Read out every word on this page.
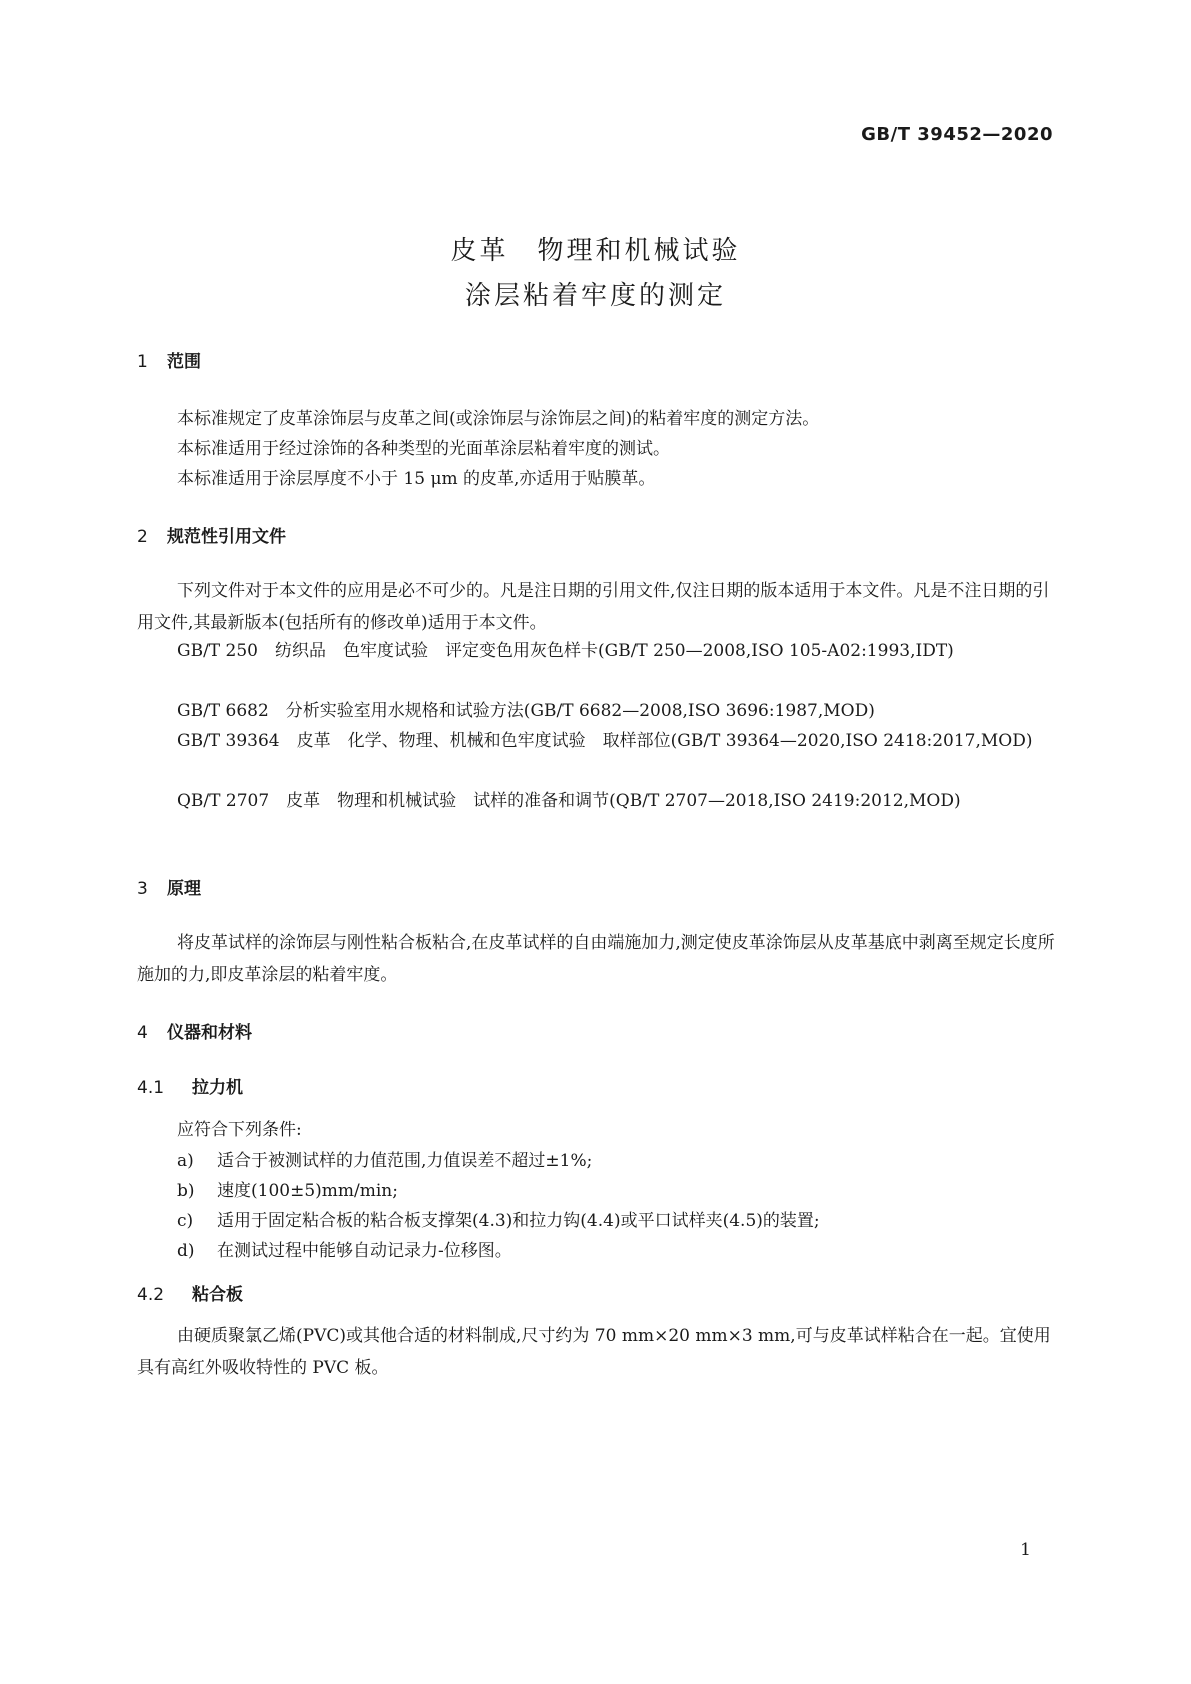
GB/T 39452—2020
皮革　物理和机械试验
涂层粘着牢度的测定
1 范围
本标准规定了皮革涂饰层与皮革之间(或涂饰层与涂饰层之间)的粘着牢度的测定方法。
本标准适用于经过涂饰的各种类型的光面革涂层粘着牢度的测试。
本标准适用于涂层厚度不小于 15 μm 的皮革,亦适用于贴膜革。
2 规范性引用文件
下列文件对于本文件的应用是必不可少的。凡是注日期的引用文件,仅注日期的版本适用于本文件。凡是不注日期的引用文件,其最新版本(包括所有的修改单)适用于本文件。
GB/T 250　纺织品　色牢度试验　评定变色用灰色样卡(GB/T 250—2008,ISO 105-A02:1993,IDT)
GB/T 6682　分析实验室用水规格和试验方法(GB/T 6682—2008,ISO 3696:1987,MOD)
GB/T 39364　皮革　化学、物理、机械和色牢度试验　取样部位(GB/T 39364—2020,ISO 2418:2017,MOD)
QB/T 2707　皮革　物理和机械试验　试样的准备和调节(QB/T 2707—2018,ISO 2419:2012,MOD)
3 原理
将皮革试样的涂饰层与刚性粘合板粘合,在皮革试样的自由端施加力,测定使皮革涂饰层从皮革基底中剥离至规定长度所施加的力,即皮革涂层的粘着牢度。
4 仪器和材料
4.1 拉力机
应符合下列条件:
a) 适合于被测试样的力值范围,力值误差不超过±1%;
b) 速度(100±5)mm/min;
c) 适用于固定粘合板的粘合板支撑架(4.3)和拉力钩(4.4)或平口试样夹(4.5)的装置;
d) 在测试过程中能够自动记录力-位移图。
4.2 粘合板
由硬质聚氯乙烯(PVC)或其他合适的材料制成,尺寸约为 70 mm×20 mm×3 mm,可与皮革试样粘合在一起。宜使用具有高红外吸收特性的 PVC 板。
1
